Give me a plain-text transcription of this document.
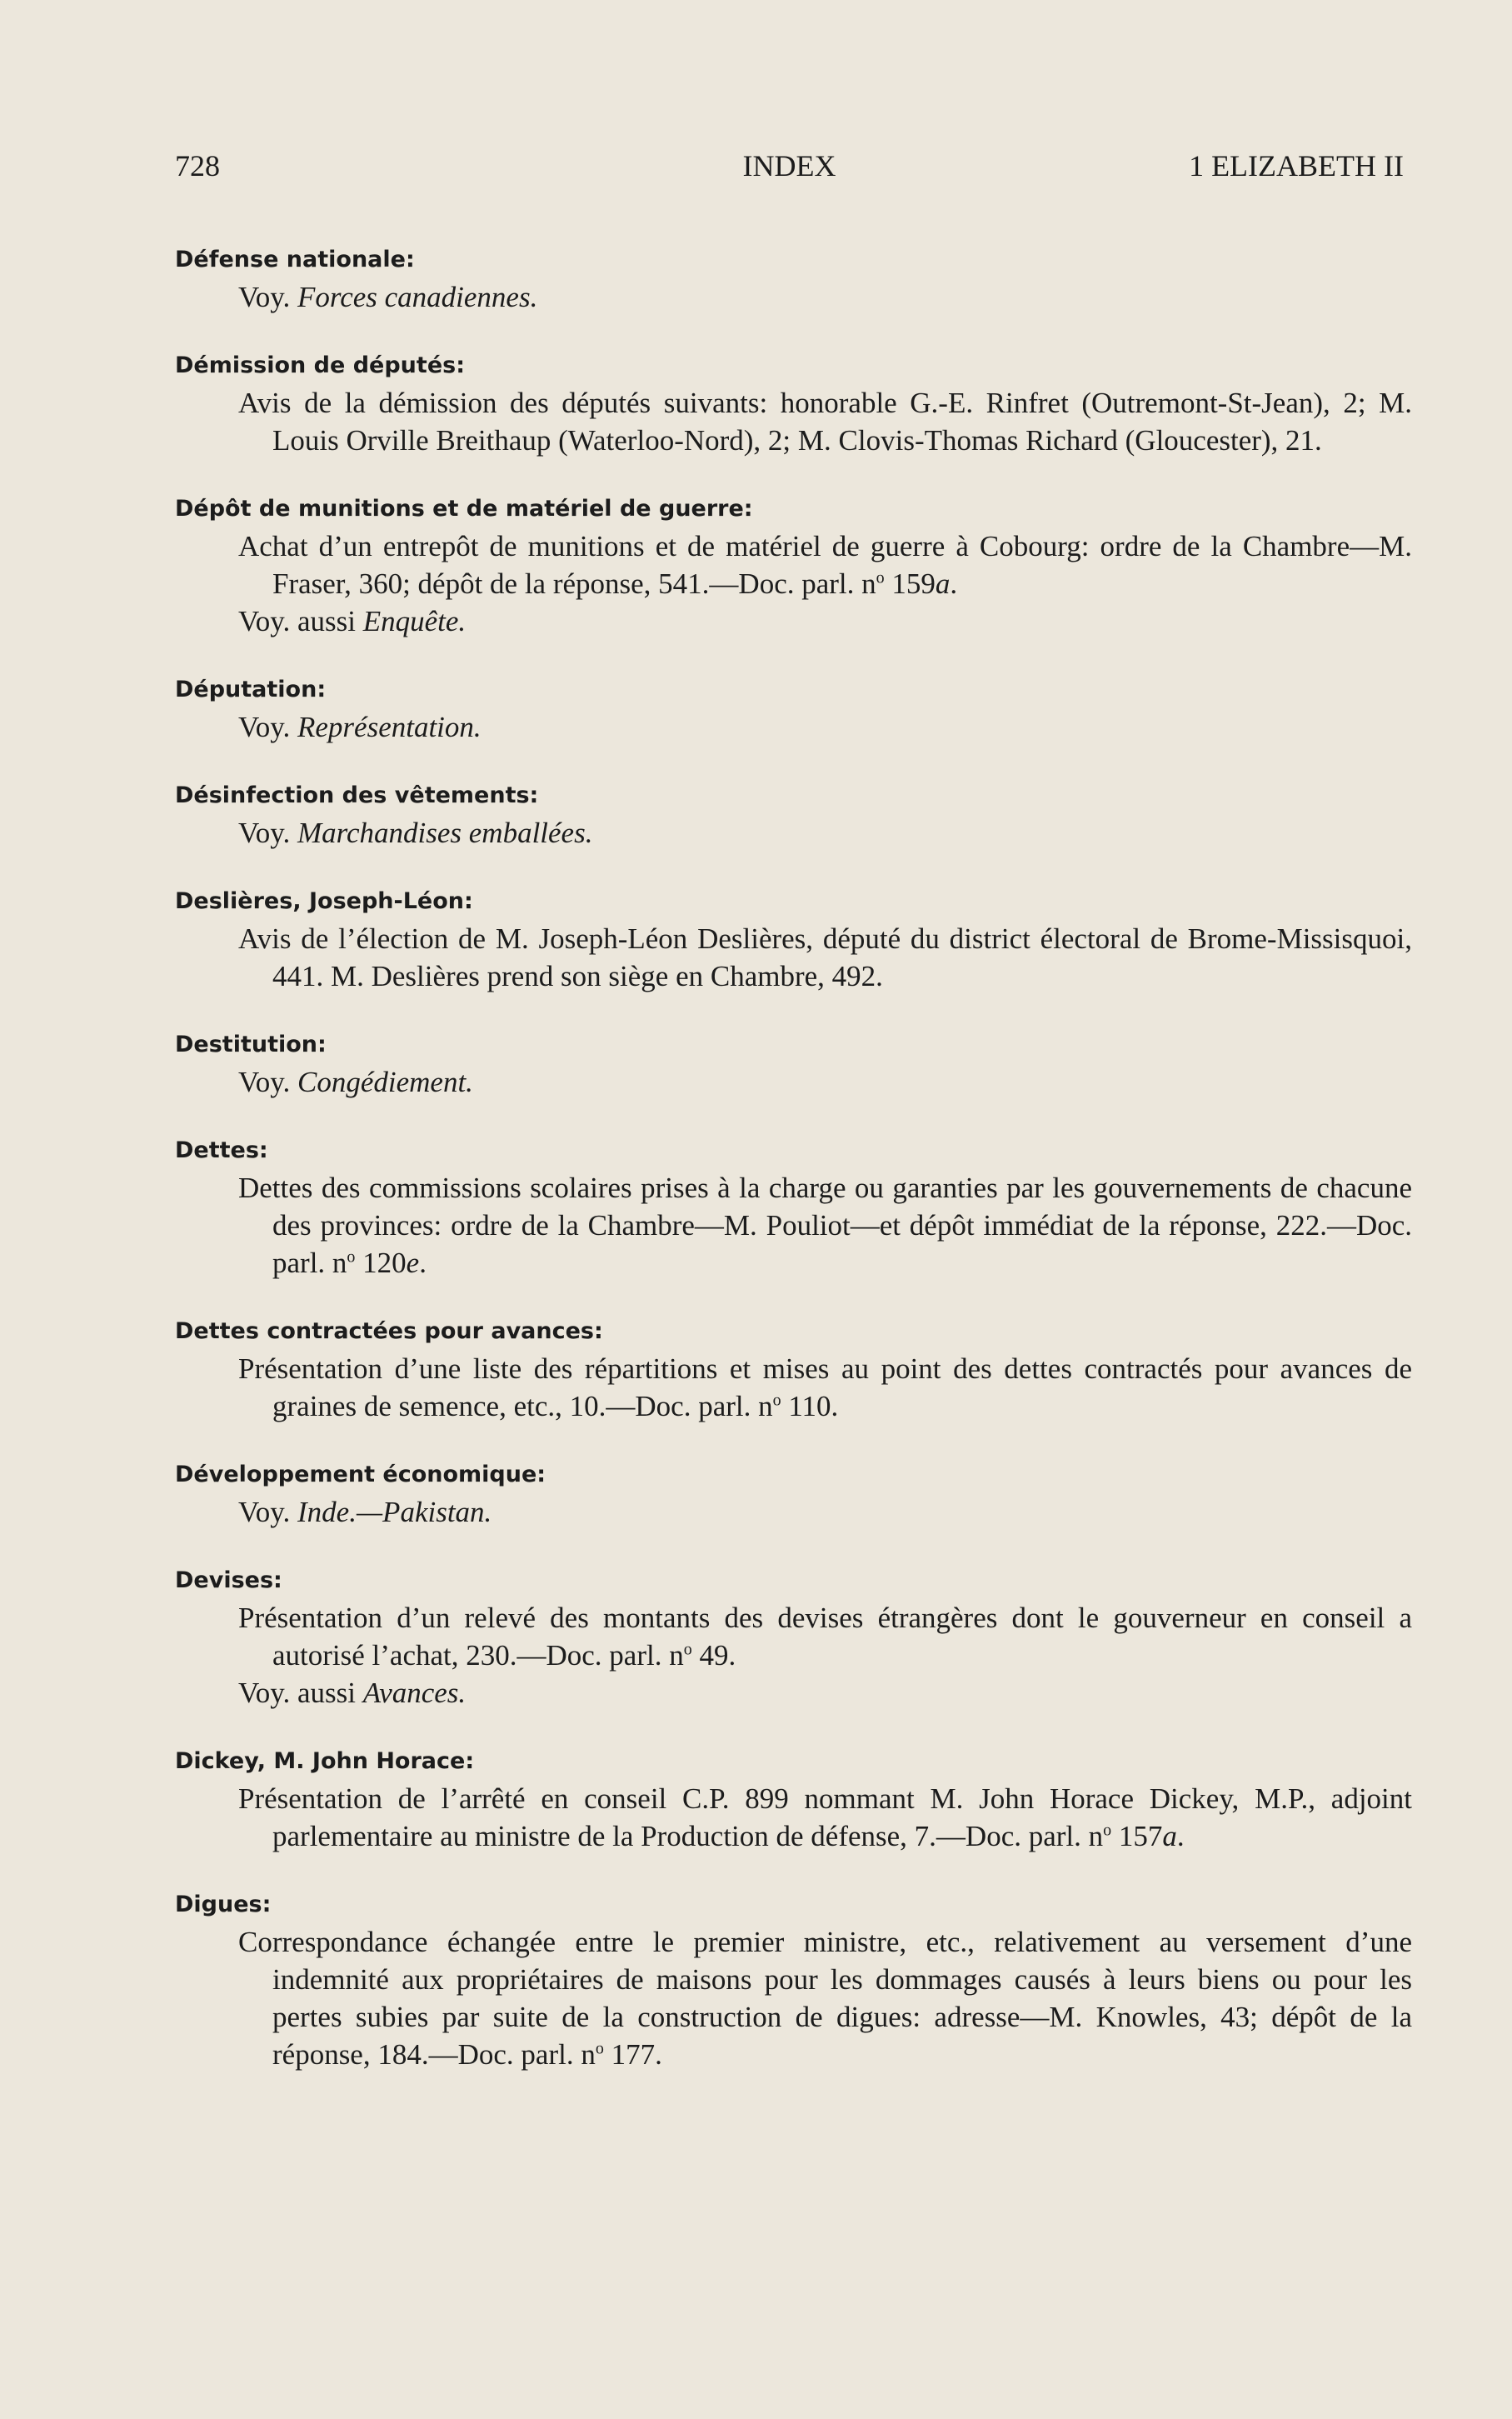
728	INDEX	1 ELIZABETH II
Défense nationale:

Voy. Forces canadiennes.

Démission de députés:

Avis de la démission des députés suivants: honorable G.-E. Rinfret (Outremont-St-Jean), 2; M. Louis Orville Breithaup (Waterloo-Nord), 2; M. Clovis-Thomas Richard (Gloucester), 21.

Dépôt de munitions et de matériel de guerre:

Achat d’un entrepôt de munitions et de matériel de guerre à Cobourg: ordre de la Chambre—M. Fraser, 360; dépôt de la réponse, 541.—Doc. parl. $n^o$ 159a.

Voy. aussi Enquête.

Députation:

Voy. Représentation.

Désinfection des vêtements:

Voy. Marchandises emballées.

Deslières, Joseph-Léon:

Avis de l’élection de M. Joseph-Léon Deslières, député du district électoral de Brome-Missisquoi, 441. M. Deslières prend son siège en Chambre, 492.

Destitution:

Voy. Congédiement.

Dettes:

Dettes des commissions scolaires prises à la charge ou garanties par les gouvernements de chacune des provinces: ordre de la Chambre—M. Pouliot—et dépôt immédiat de la réponse, 222.—Doc. parl. $n^o$ 120e.

Dettes contractées pour avances:

Présentation d’une liste des répartitions et mises au point des dettes contractés pour avances de graines de semence, etc., 10.—Doc. parl. $n^o$ 110.

Développement économique:

Voy. Inde.—Pakistan.

Devises:

Présentation d’un relevé des montants des devises étrangères dont le gouverneur en conseil a autorisé l’achat, 230.—Doc. parl. $n^o$ 49.

Voy. aussi Avances.

Dickey, M. John Horace:

Présentation de l’arrêté en conseil C.P. 899 nommant M. John Horace Dickey, M.P., adjoint parlementaire au ministre de la Production de défense, 7.—Doc. parl. $n^o$ 157a.

Digues:

Correspondance échangée entre le premier ministre, etc., relativement au versement d’une indemnité aux propriétaires de maisons pour les dommages causés à leurs biens ou pour les pertes subies par suite de la construction de digues: adresse—M. Knowles, 43; dépôt de la réponse, 184.—Doc. parl. $n^o$ 177.
